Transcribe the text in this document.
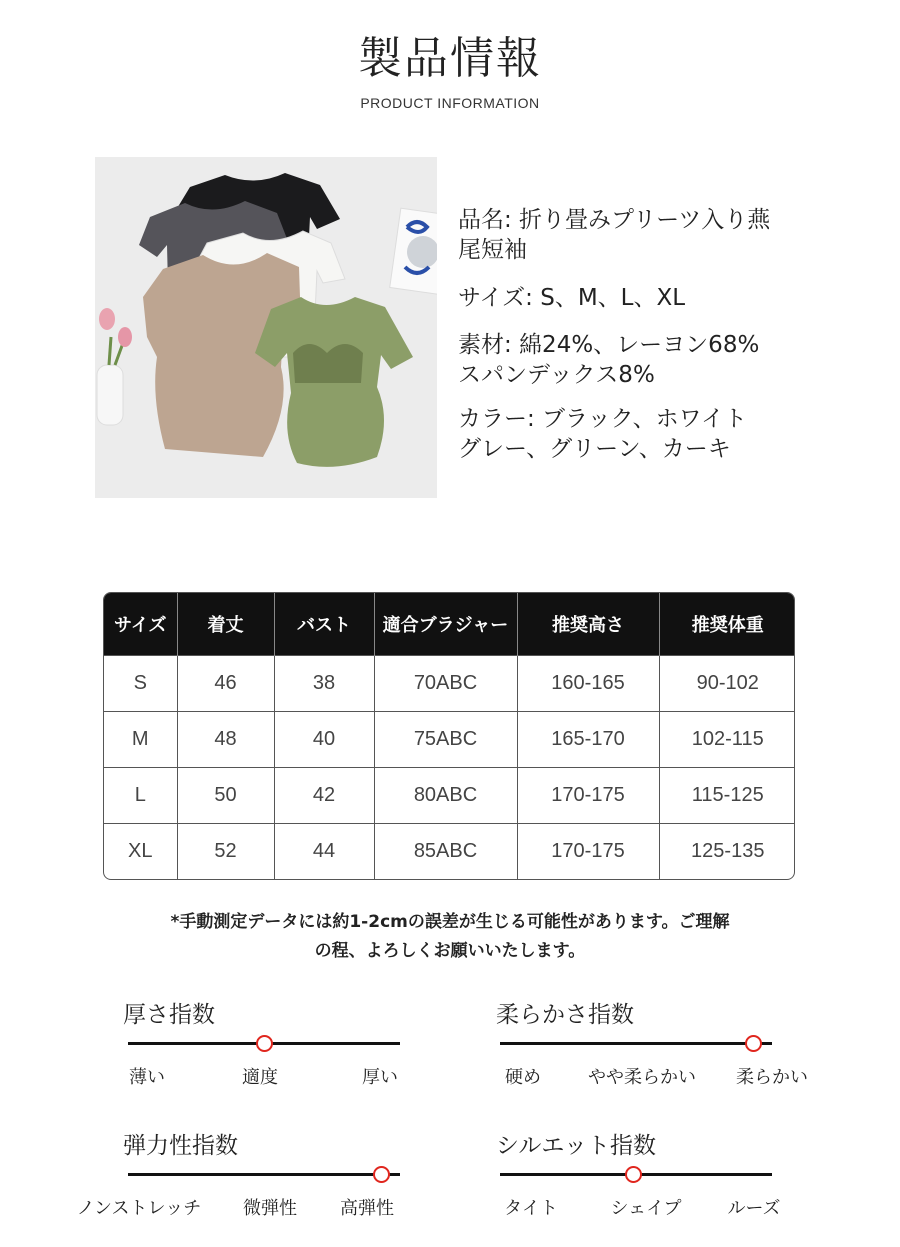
製品情報
PRODUCT INFORMATION
品名: 折り畳みプリーツ入り燕
尾短袖
サイズ: S、M、L、XL
素材: 綿24%、レーヨン68%
スパンデックス8%
カラー: ブラック、ホワイト
グレー、グリーン、カーキ
サイズ	着丈	バスト	適合ブラジャー	推奨高さ	推奨体重
S	46	38	70ABC	160-165	90-102
M	48	40	75ABC	165-170	102-115
L	50	42	80ABC	170-175	115-125
XL	52	44	85ABC	170-175	125-135
*手動測定データには約1-2cmの誤差が生じる可能性があります。ご理解
の程、よろしくお願いいたします。
厚さ指数
薄い	適度	厚い
柔らかさ指数
硬め	やや柔らかい 柔らかい
弾力性指数
ノンストレッチ 微弾性 高弾性
シルエット指数
タイト	シェイプ	ルーズ
